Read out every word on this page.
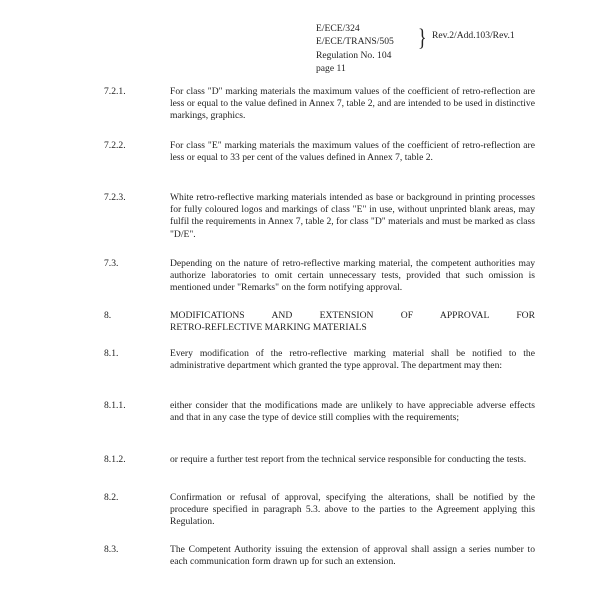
E/ECE/324
E/ECE/TRANS/505 } Rev.2/Add.103/Rev.1
Regulation No. 104
page 11
7.2.1.	For class "D" marking materials the maximum values of the coefficient of retro-reflection are less or equal to the value defined in Annex 7, table 2, and are intended to be used in distinctive markings, graphics.
7.2.2.	For class "E" marking materials the maximum values of the coefficient of retro-reflection are less or equal to 33 per cent of the values defined in Annex 7, table 2.
7.2.3.	White retro-reflective marking materials intended as base or background in printing processes for fully coloured logos and markings of class "E" in use, without unprinted blank areas, may fulfil the requirements in Annex 7, table 2, for class "D" materials and must be marked as class "D/E".
7.3.	Depending on the nature of retro-reflective marking material, the competent authorities may authorize laboratories to omit certain unnecessary tests, provided that such omission is mentioned under "Remarks" on the form notifying approval.
8.	MODIFICATIONS AND EXTENSION OF APPROVAL FOR
RETRO-REFLECTIVE MARKING MATERIALS
8.1.	Every modification of the retro-reflective marking material shall be notified to the administrative department which granted the type approval. The department may then:
8.1.1.	either consider that the modifications made are unlikely to have appreciable adverse effects and that in any case the type of device still complies with the requirements;
8.1.2.	or require a further test report from the technical service responsible for conducting the tests.
8.2.	Confirmation or refusal of approval, specifying the alterations, shall be notified by the procedure specified in paragraph 5.3. above to the parties to the Agreement applying this Regulation.
8.3.	The Competent Authority issuing the extension of approval shall assign a series number to each communication form drawn up for such an extension.
